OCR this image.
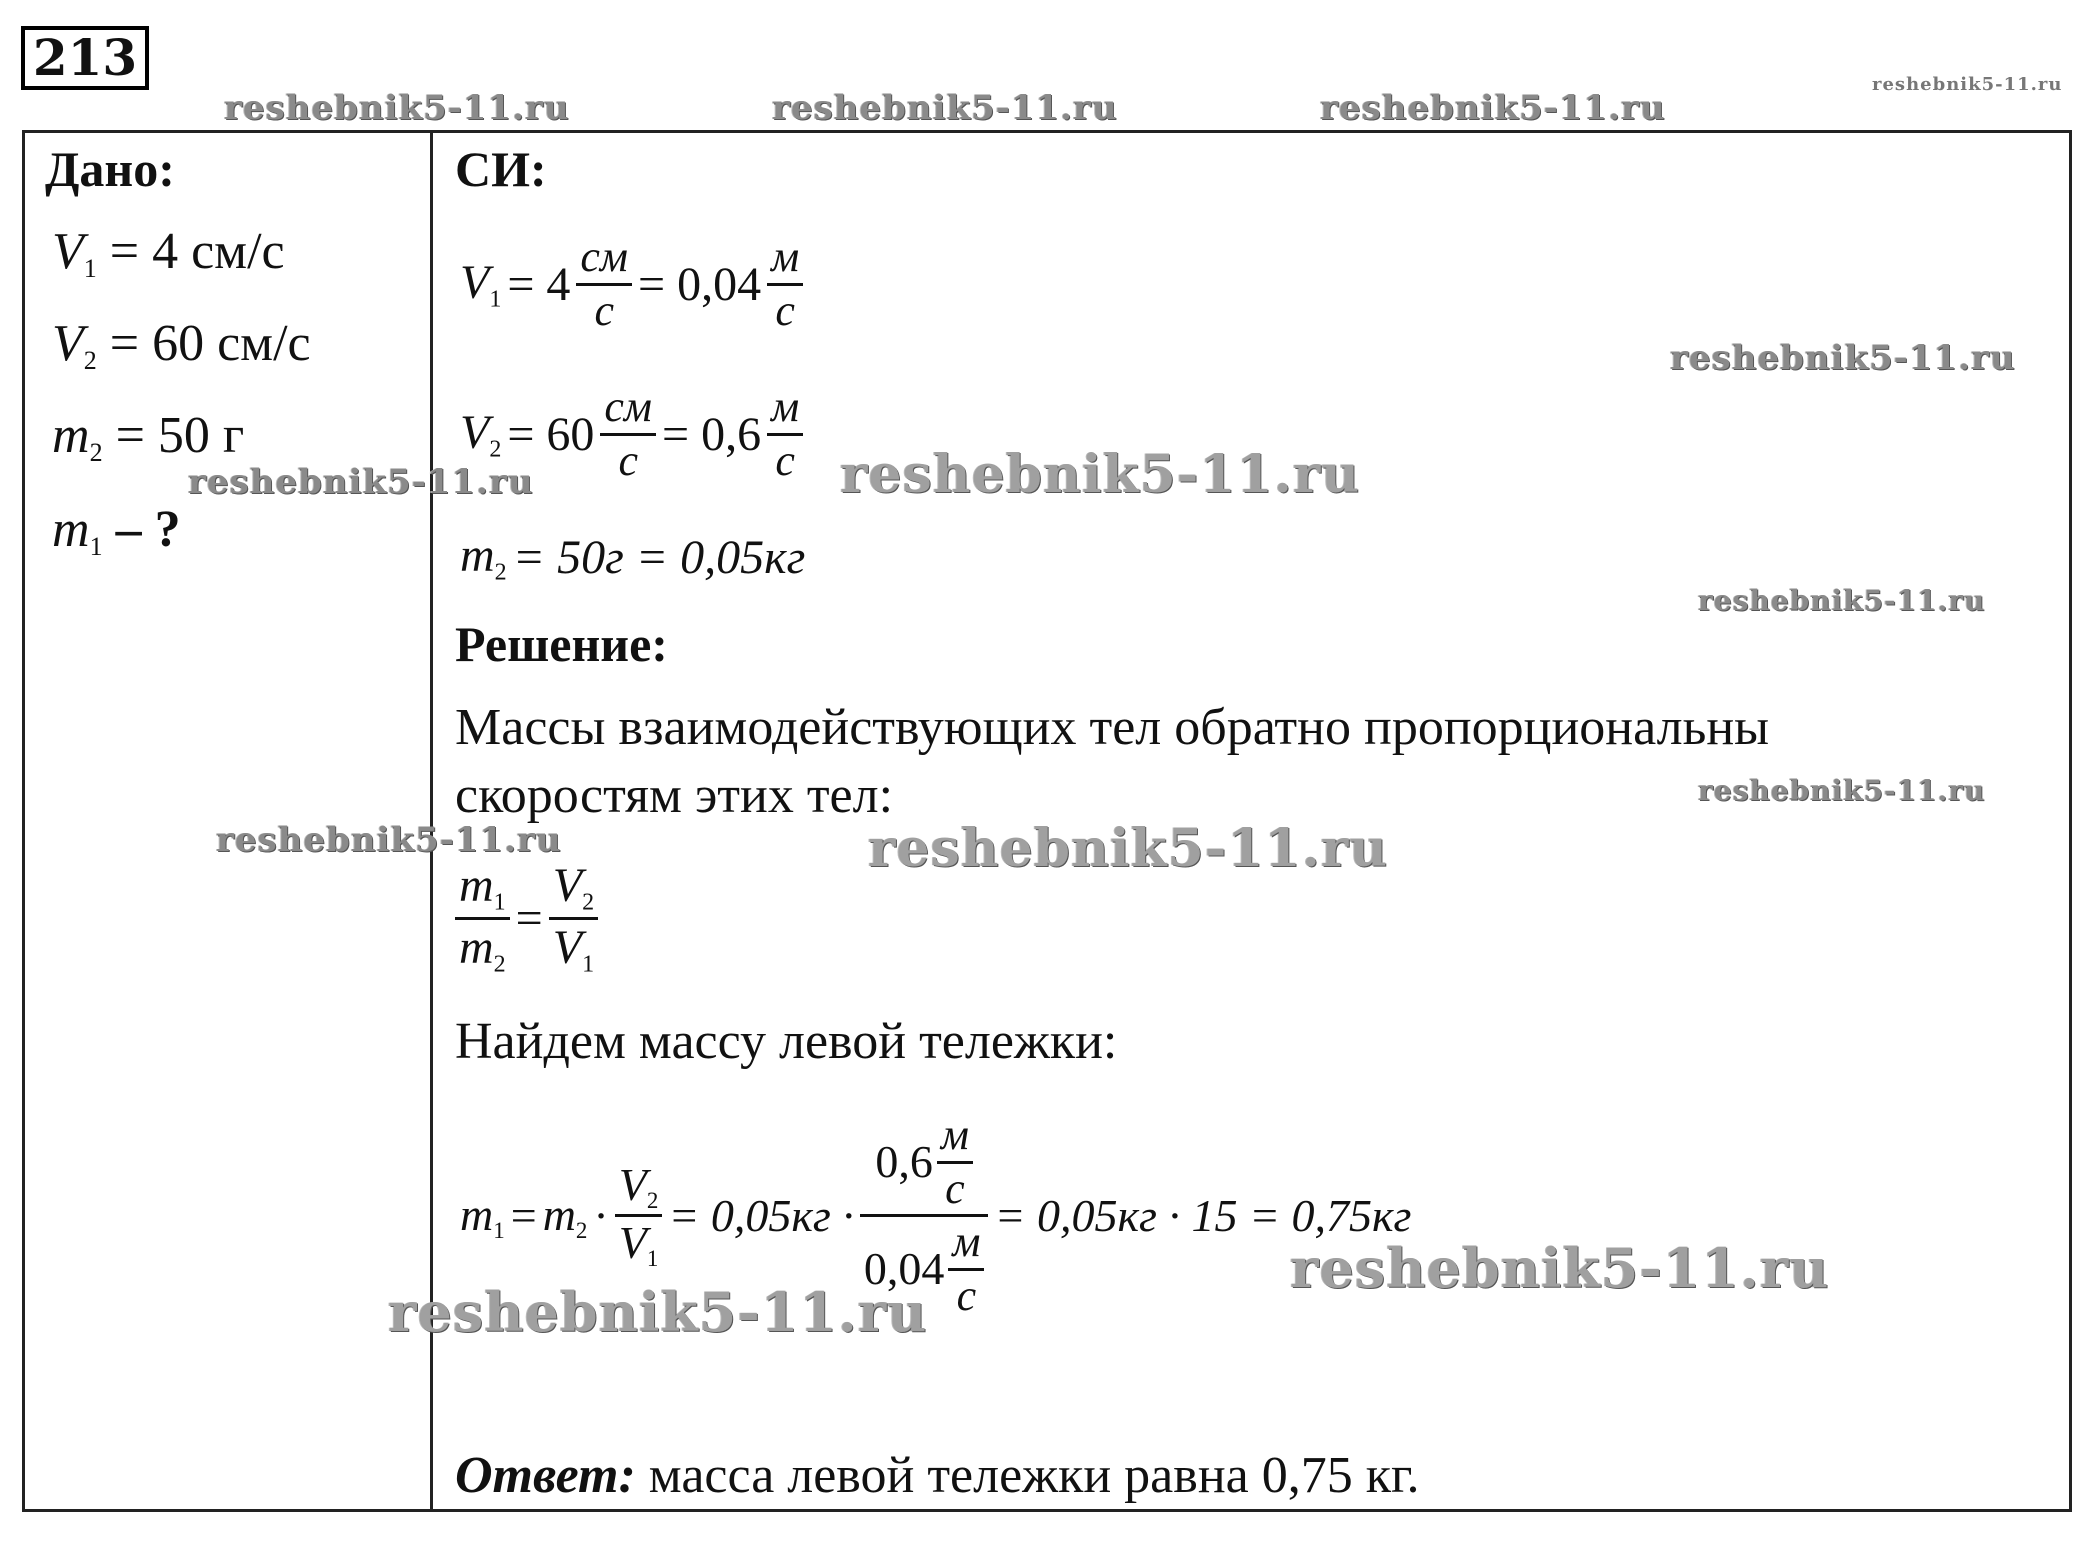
213
Дано:
$V_1 = 4$ см/с
$V_2 = 60$ см/с
$m_2 = 50$ г
$m_1$ – ?
СИ:
$V_1 = 4$
см
с = 0,04
м
с
$V_2 = 60$
см
с = 0,6
м
с
$m_2 = 50г = 0,05кг$
Решение:
Массы взаимодействующих тел обратно пропорциональны
скоростям этих тел:
$m_1$
$m_2$
=
$V_2$
$V_1$
Найдем массу левой тележки:
$m_1 = m_2$ ·
$V_2$
$V_1$
= 0,05кг ·
0,6
м
с
0,04
м
с
= 0,05кг · 15 = 0,75кг
Ответ: масса левой тележки равна 0,75 кг.
reshebnik5-11.ru	reshebnik5-11.ru	reshebnik5-11.ru
reshebnik5-11.ru
reshebnik5-11.ru
reshebnik5-11.ru	reshebnik5-11.ru
reshebnik5-11.ru
reshebnik5-11.ru
reshebnik5-11.ru	reshebnik5-11.ru
reshebnik5-11.ru
reshebnik5-11.ru
